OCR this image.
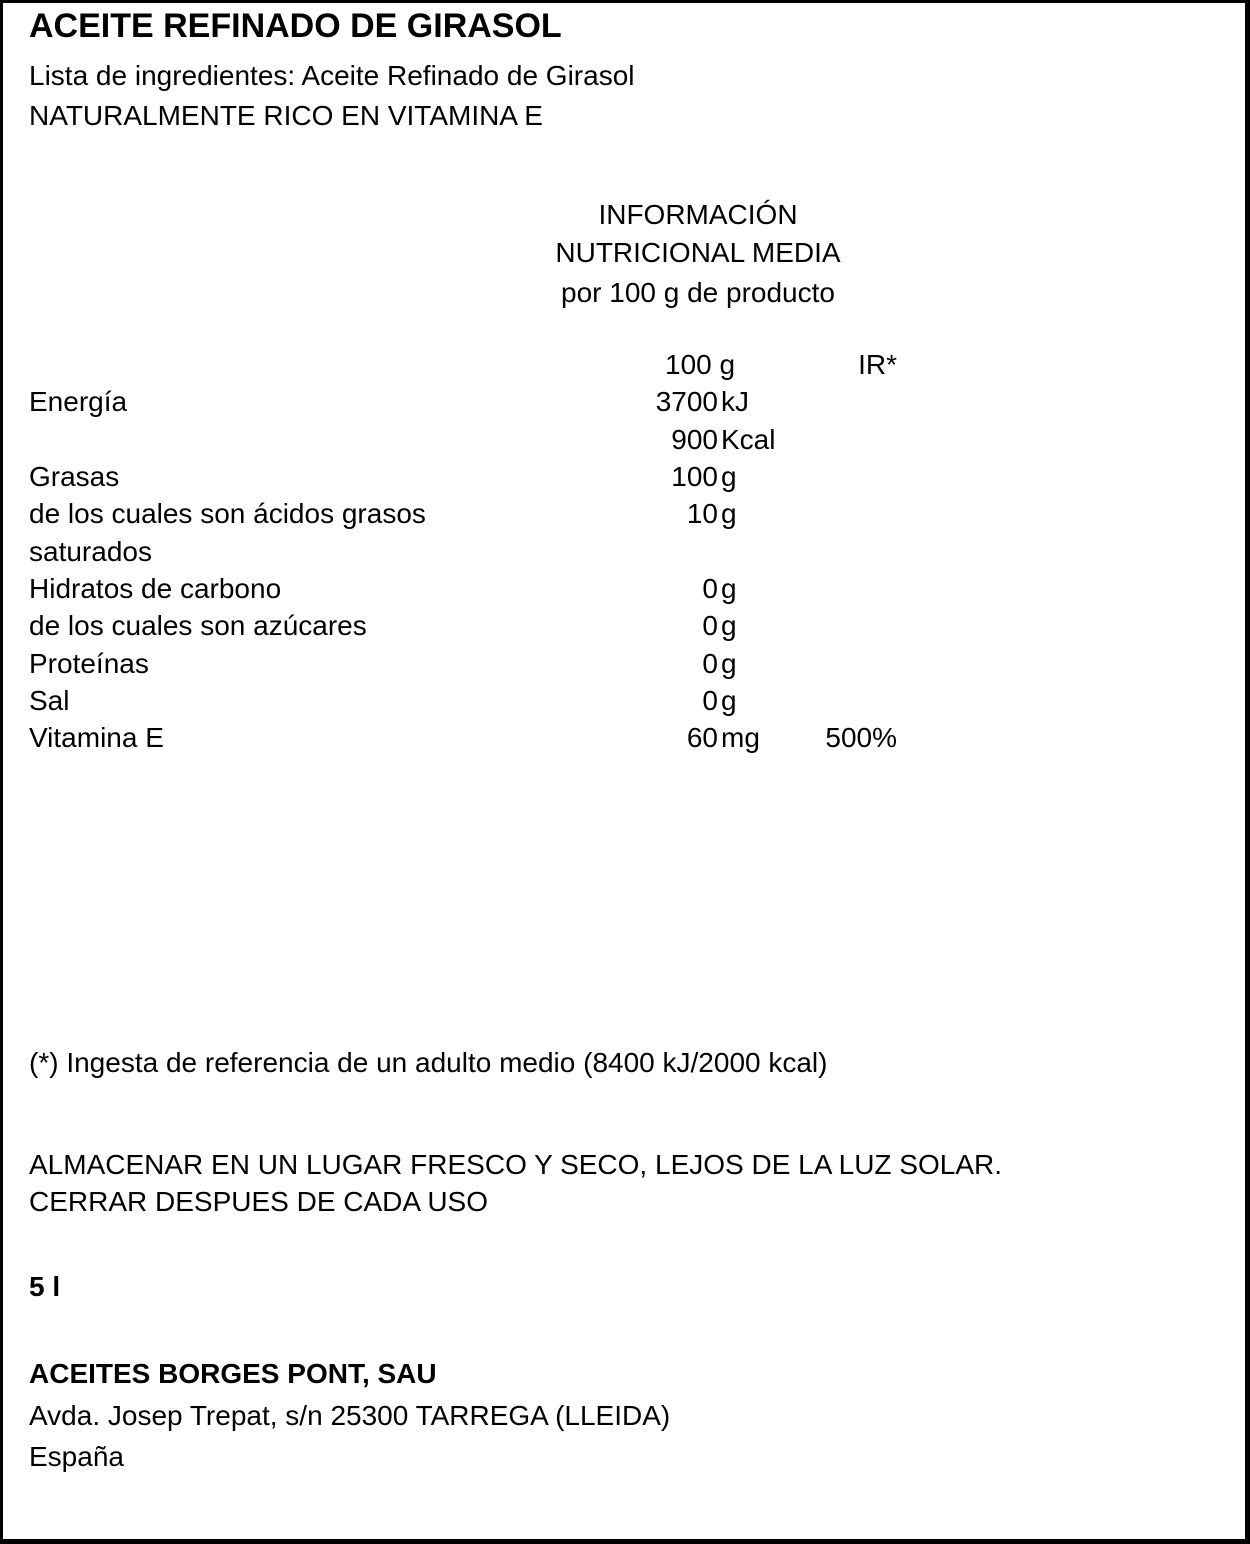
ACEITE REFINADO DE GIRASOL
Lista de ingredientes: Aceite Refinado de Girasol
NATURALMENTE RICO EN VITAMINA E
INFORMACIÓN
NUTRICIONAL MEDIA
por 100 g de producto
100 g	IR*
Energía	3700 kJ
900 Kcal
Grasas	100 g
de los cuales son ácidos grasos	10 g
saturados
Hidratos de carbono	0 g
de los cuales son azúcares	0 g
Proteínas	0 g
Sal	0 g
Vitamina E	60 mg	500%
(*) Ingesta de referencia de un adulto medio (8400 kJ/2000 kcal)
ALMACENAR EN UN LUGAR FRESCO Y SECO, LEJOS DE LA LUZ SOLAR.
CERRAR DESPUES DE CADA USO
5 l
ACEITES BORGES PONT, SAU
Avda. Josep Trepat, s/n 25300 TARREGA (LLEIDA)
España
